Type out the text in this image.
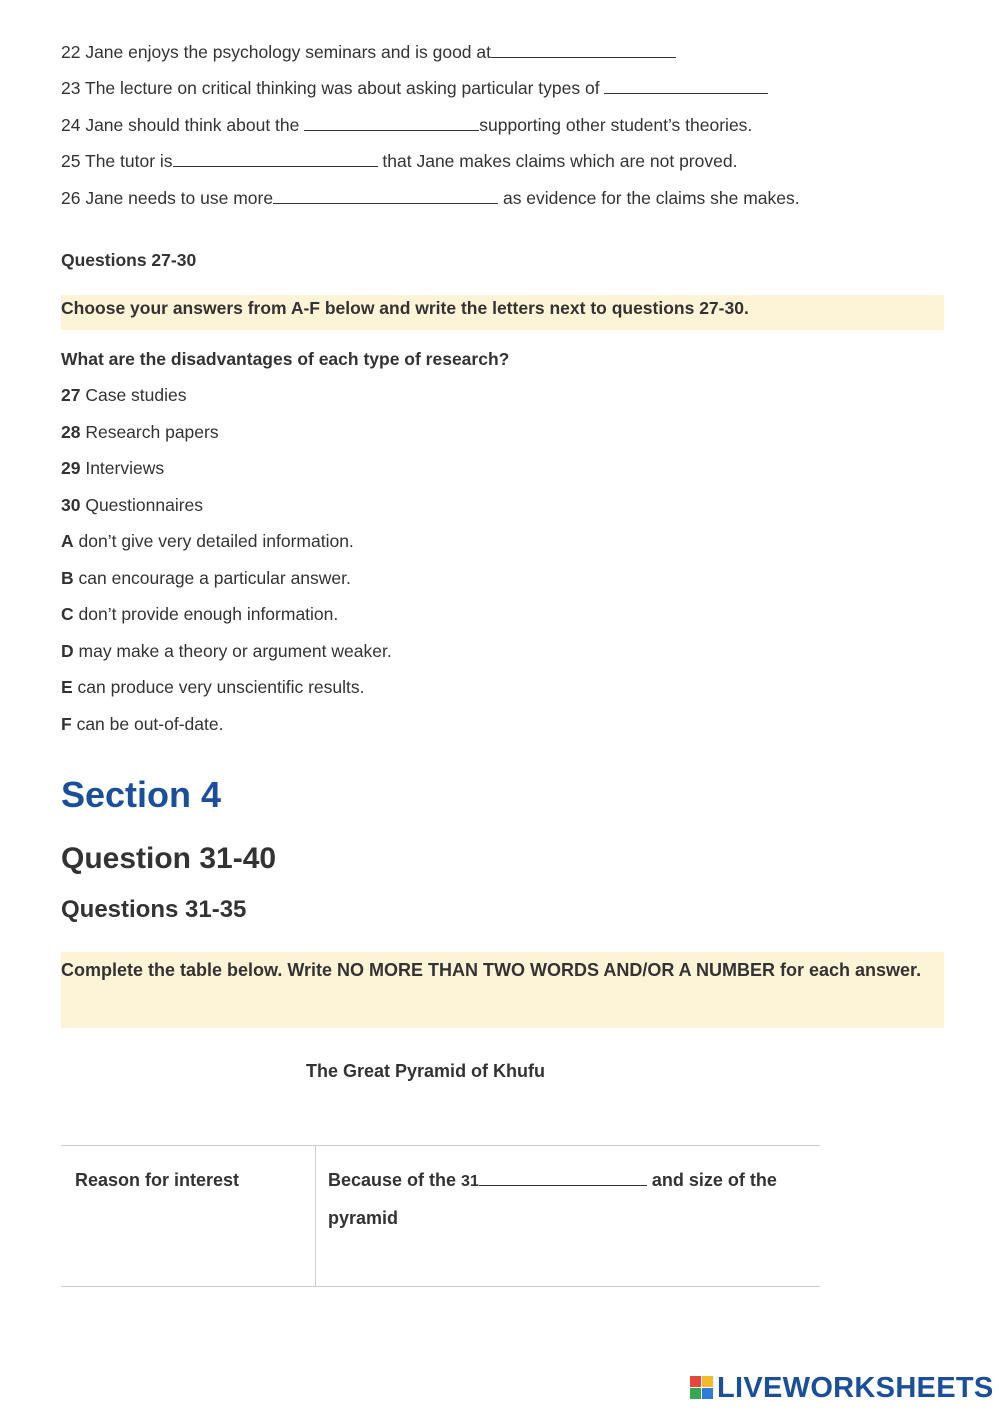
22 Jane enjoys the psychology seminars and is good at
23 The lecture on critical thinking was about asking particular types of
24 Jane should think about the	supporting other student’s theories.
25 The tutor is	that Jane makes claims which are not proved.
26 Jane needs to use more	as evidence for the claims she makes.
Questions 27-30
Choose your answers from A-F below and write the letters next to questions 27-30.
What are the disadvantages of each type of research?
27 Case studies
28 Research papers
29 Interviews
30 Questionnaires
A don’t give very detailed information.
B can encourage a particular answer.
C don’t provide enough information.
D may make a theory or argument weaker.
E can produce very unscientific results.
F can be out-of-date.
Section 4
Question 31-40
Questions 31-35
Complete the table below. Write NO MORE THAN TWO WORDS AND/OR A NUMBER for each answer.
The Great Pyramid of Khufu
Reason for interest	Because of the 31	and size of the pyramid
LIVEWORKSHEETS
